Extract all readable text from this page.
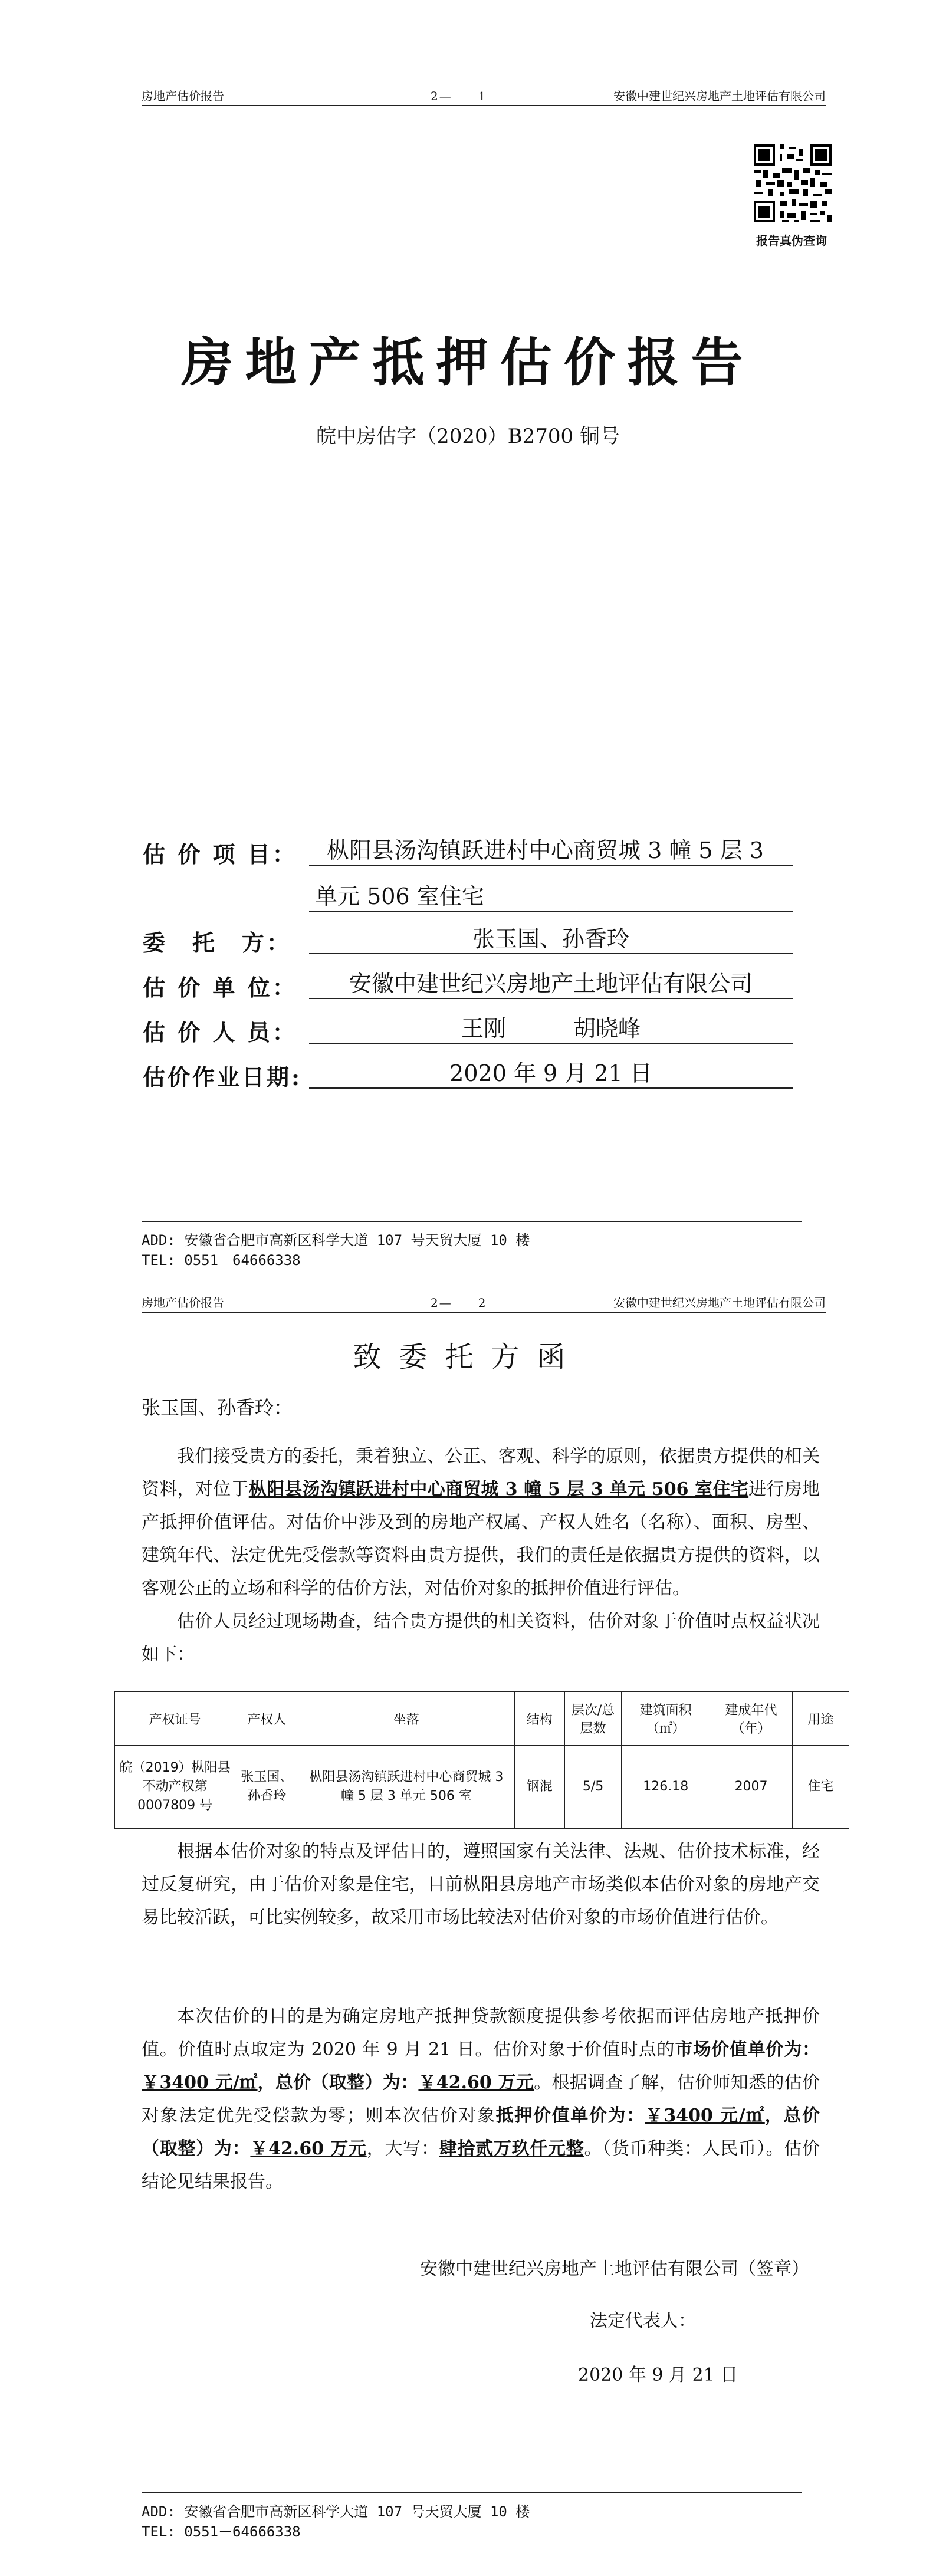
房地产估价报告	2—　　1	安徽中建世纪兴房地产土地评估有限公司
报告真伪查询
房地产抵押估价报告
皖中房估字（2020）B2700 铜号
估 价 项 目：	枞阳县汤沟镇跃进村中心商贸城 3 幢 5 层 3
单元 506 室住宅
委　托　方：	张玉国、孙香玲
估 价 单 位：	安徽中建世纪兴房地产土地评估有限公司
估 价 人 员：	王刚　　　胡晓峰
估价作业日期:	2020 年 9 月 21 日
ADD: 安徽省合肥市高新区科学大道 107 号天贸大厦 10 楼
TEL: 0551－64666338
房地产估价报告	2—　　2	安徽中建世纪兴房地产土地评估有限公司
致委托方函
张玉国、孙香玲：
我们接受贵方的委托，秉着独立、公正、客观、科学的原则，依据贵方提供的相关资料，对位于枞阳县汤沟镇跃进村中心商贸城 3 幢 5 层 3 单元 506 室住宅进行房地产抵押价值评估。对估价中涉及到的房地产权属、产权人姓名（名称）、面积、房型、建筑年代、法定优先受偿款等资料由贵方提供，我们的责任是依据贵方提供的资料，以客观公正的立场和科学的估价方法，对估价对象的抵押价值进行评估。
估价人员经过现场勘查，结合贵方提供的相关资料，估价对象于价值时点权益状况如下：
产权证号	产权人	坐落	结构	层次/总层数	建筑面积（㎡）	建成年代（年）	用途
皖（2019）枞阳县不动产权第0007809 号	张玉国、孙香玲	枞阳县汤沟镇跃进村中心商贸城 3 幢 5 层 3 单元 506 室	钢混	5/5	126.18	2007	住宅
根据本估价对象的特点及评估目的，遵照国家有关法律、法规、估价技术标准，经过反复研究，由于估价对象是住宅，目前枞阳县房地产市场类似本估价对象的房地产交易比较活跃，可比实例较多，故采用市场比较法对估价对象的市场价值进行估价。
本次估价的目的是为确定房地产抵押贷款额度提供参考依据而评估房地产抵押价值。价值时点取定为 2020 年 9 月 21 日。估价对象于价值时点的市场价值单价为：￥3400 元/㎡，总价（取整）为：￥42.60 万元。根据调查了解，估价师知悉的估价对象法定优先受偿款为零；则本次估价对象抵押价值单价为：￥3400 元/㎡，总价（取整）为：￥42.60 万元，大写：肆拾贰万玖仟元整。（货币种类：人民币）。估价结论见结果报告。
安徽中建世纪兴房地产土地评估有限公司（签章）
法定代表人：
2020 年 9 月 21 日
ADD: 安徽省合肥市高新区科学大道 107 号天贸大厦 10 楼
TEL: 0551－64666338
